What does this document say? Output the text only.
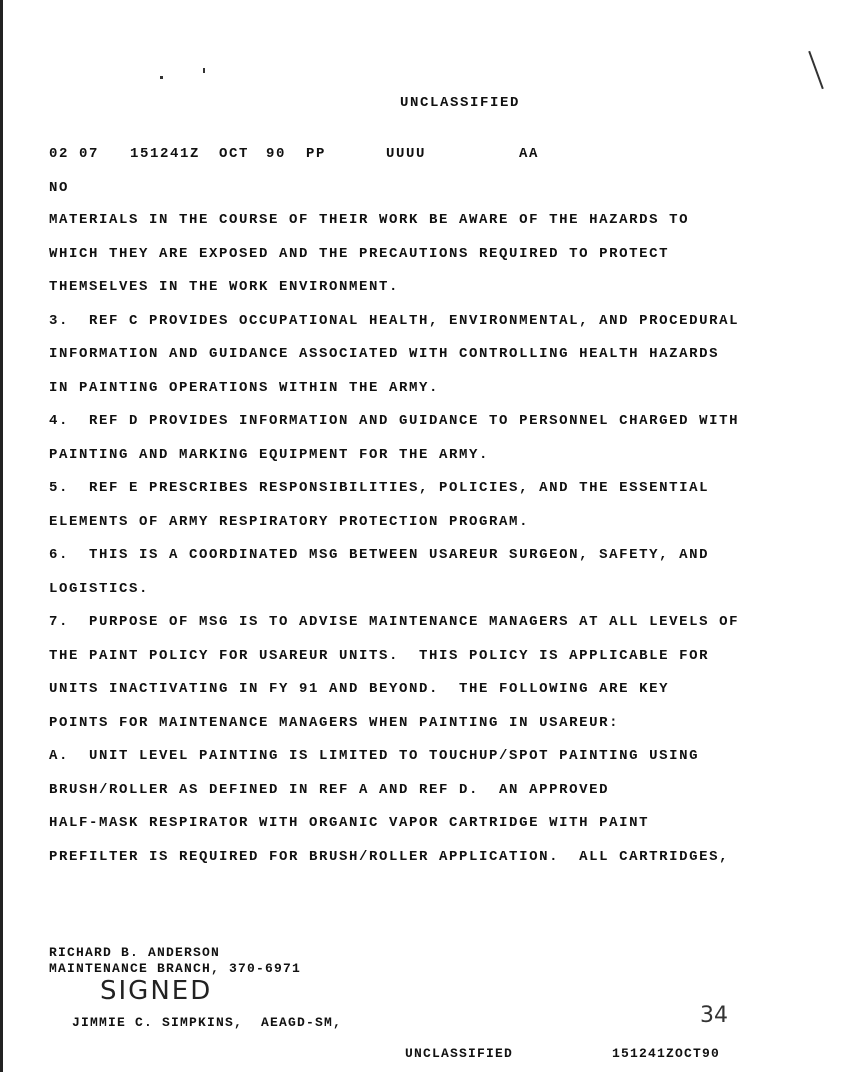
UNCLASSIFIED
02 07 151241Z OCT 90 PP	UUUU	AA
NO
MATERIALS IN THE COURSE OF THEIR WORK BE AWARE OF THE HAZARDS TO
WHICH THEY ARE EXPOSED AND THE PRECAUTIONS REQUIRED TO PROTECT
THEMSELVES IN THE WORK ENVIRONMENT.
3.  REF C PROVIDES OCCUPATIONAL HEALTH, ENVIRONMENTAL, AND PROCEDURAL
INFORMATION AND GUIDANCE ASSOCIATED WITH CONTROLLING HEALTH HAZARDS
IN PAINTING OPERATIONS WITHIN THE ARMY.
4.  REF D PROVIDES INFORMATION AND GUIDANCE TO PERSONNEL CHARGED WITH
PAINTING AND MARKING EQUIPMENT FOR THE ARMY.
5.  REF E PRESCRIBES RESPONSIBILITIES, POLICIES, AND THE ESSENTIAL
ELEMENTS OF ARMY RESPIRATORY PROTECTION PROGRAM.
6.  THIS IS A COORDINATED MSG BETWEEN USAREUR SURGEON, SAFETY, AND
LOGISTICS.
7.  PURPOSE OF MSG IS TO ADVISE MAINTENANCE MANAGERS AT ALL LEVELS OF
THE PAINT POLICY FOR USAREUR UNITS.  THIS POLICY IS APPLICABLE FOR
UNITS INACTIVATING IN FY 91 AND BEYOND.  THE FOLLOWING ARE KEY
POINTS FOR MAINTENANCE MANAGERS WHEN PAINTING IN USAREUR:
A.  UNIT LEVEL PAINTING IS LIMITED TO TOUCHUP/SPOT PAINTING USING
BRUSH/ROLLER AS DEFINED IN REF A AND REF D.  AN APPROVED
HALF-MASK RESPIRATOR WITH ORGANIC VAPOR CARTRIDGE WITH PAINT
PREFILTER IS REQUIRED FOR BRUSH/ROLLER APPLICATION.  ALL CARTRIDGES,
RICHARD B. ANDERSON
MAINTENANCE BRANCH, 370-6971
SIGNED
JIMMIE C. SIMPKINS,  AEAGD-SM,	34
UNCLASSIFIED	151241ZOCT90
